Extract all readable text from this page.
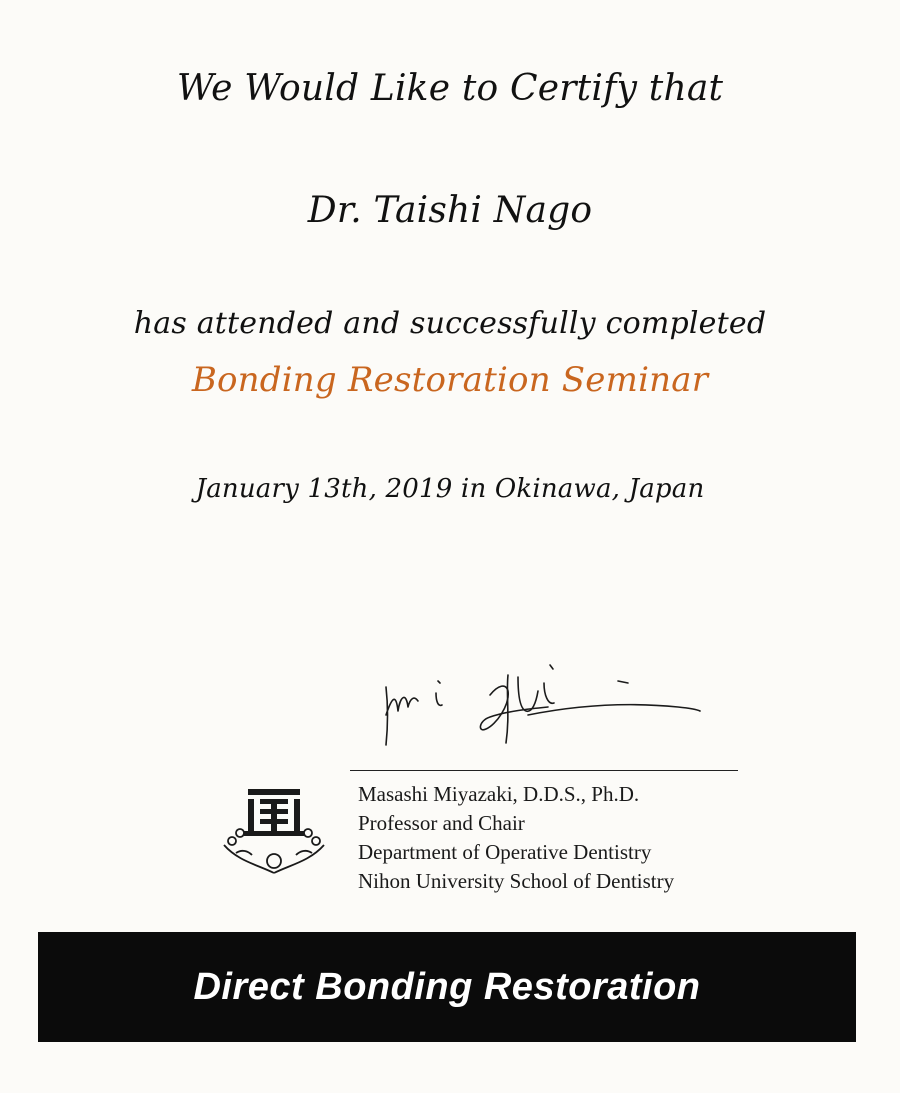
We Would Like to Certify that
Dr. Taishi Nago
has attended and successfully completed
Bonding Restoration Seminar
January 13th, 2019 in Okinawa, Japan
Masashi Miyazaki, D.D.S., Ph.D.
Professor and Chair
Department of Operative Dentistry
Nihon University School of Dentistry
Direct Bonding Restoration
